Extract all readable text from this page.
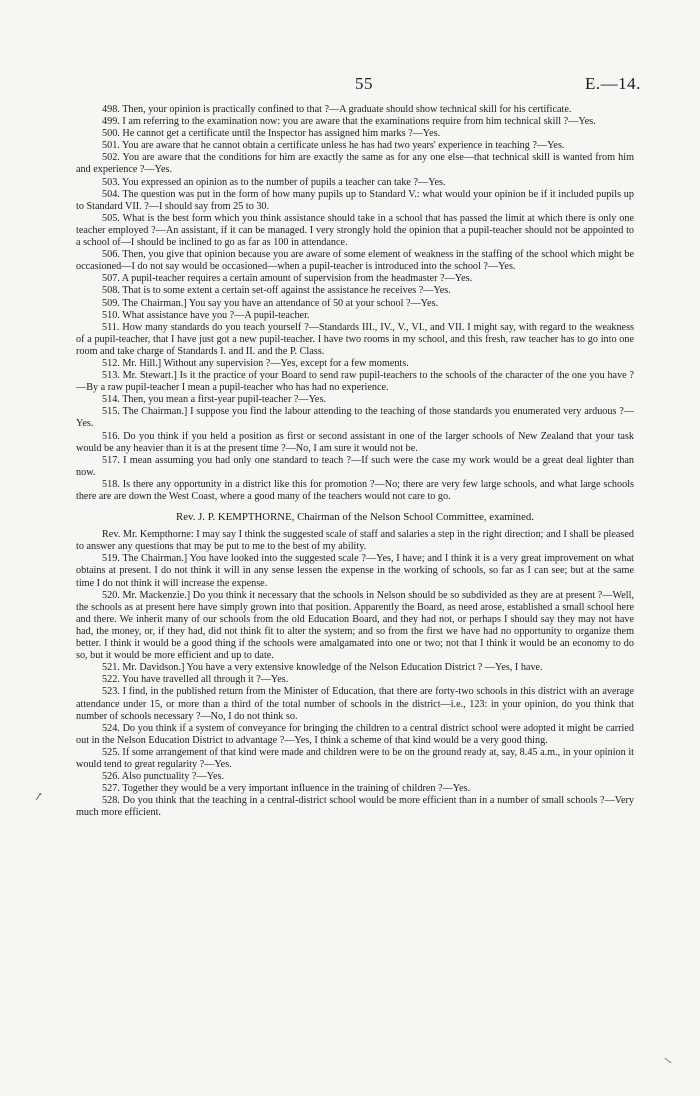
55	E.—14.
↗

498. Then, your opinion is practically confined to that ?—A graduate should show technical skill for his certificate.

499. I am referring to the examination now: you are aware that the examinations require from him technical skill ?—Yes.

500. He cannot get a certificate until the Inspector has assigned him marks ?—Yes.

501. You are aware that he cannot obtain a certificate unless he has had two years' experience in teaching ?—Yes.

502. You are aware that the conditions for him are exactly the same as for any one else—that technical skill is wanted from him and experience ?—Yes.

503. You expressed an opinion as to the number of pupils a teacher can take ?—Yes.

504. The question was put in the form of how many pupils up to Standard V.: what would your opinion be if it included pupils up to Standard VII. ?—I should say from 25 to 30.

505. What is the best form which you think assistance should take in a school that has passed the limit at which there is only one teacher employed ?—An assistant, if it can be managed. I very strongly hold the opinion that a pupil-teacher should not be appointed to a school of—I should be inclined to go as far as 100 in attendance.

506. Then, you give that opinion because you are aware of some element of weakness in the staffing of the school which might be occasioned—I do not say would be occasioned—when a pupil-teacher is introduced into the school ?—Yes.

507. A pupil-teacher requires a certain amount of supervision from the headmaster ?—Yes.

508. That is to some extent a certain set-off against the assistance he receives ?—Yes.

509. The Chairman.] You say you have an attendance of 50 at your school ?—Yes.

510. What assistance have you ?—A pupil-teacher.

511. How many standards do you teach yourself ?—Standards III., IV., V., VI., and VII. I might say, with regard to the weakness of a pupil-teacher, that I have just got a new pupil-teacher. I have two rooms in my school, and this fresh, raw teacher has to go into one room and take charge of Standards I. and II. and the P. Class.

512. Mr. Hill.] Without any supervision ?—Yes, except for a few moments.

513. Mr. Stewart.] Is it the practice of your Board to send raw pupil-teachers to the schools of the character of the one you have ?—By a raw pupil-teacher I mean a pupil-teacher who has had no experience.

514. Then, you mean a first-year pupil-teacher ?—Yes.

515. The Chairman.] I suppose you find the labour attending to the teaching of those standards you enumerated very arduous ?—Yes.

516. Do you think if you held a position as first or second assistant in one of the larger schools of New Zealand that your task would be any heavier than it is at the present time ?—No, I am sure it would not be.

517. I mean assuming you had only one standard to teach ?—If such were the case my work would be a great deal lighter than now.

518. Is there any opportunity in a district like this for promotion ?—No; there are very few large schools, and what large schools there are are down the West Coast, where a good many of the teachers would not care to go.

Rev. J. P. KEMPTHORNE, Chairman of the Nelson School Committee, examined.

Rev. Mr. Kempthorne: I may say I think the suggested scale of staff and salaries a step in the right direction; and I shall be pleased to answer any questions that may be put to me to the best of my ability.

519. The Chairman.] You have looked into the suggested scale ?—Yes, I have; and I think it is a very great improvement on what obtains at present. I do not think it will in any sense lessen the expense in the working of schools, so far as I can see; but at the same time I do not think it will increase the expense.

520. Mr. Mackenzie.] Do you think it necessary that the schools in Nelson should be so subdivided as they are at present ?—Well, the schools as at present here have simply grown into that position. Apparently the Board, as need arose, established a small school here and there. We inherit many of our schools from the old Education Board, and they had not, or perhaps I should say they may not have had, the money, or, if they had, did not think fit to alter the system; and so from the first we have had no opportunity to organize them better. I think it would be a good thing if the schools were amalgamated into one or two; not that I think it would be an economy to do so, but it would be more efficient and up to date.

521. Mr. Davidson.] You have a very extensive knowledge of the Nelson Education District ? —Yes, I have.

522. You have travelled all through it ?—Yes.

523. I find, in the published return from the Minister of Education, that there are forty-two schools in this district with an average attendance under 15, or more than a third of the total number of schools in the district—i.e., 123: in your opinion, do you think that number of schools necessary ?—No, I do not think so.

524. Do you think if a system of conveyance for bringing the children to a central district school were adopted it might be carried out in the Nelson Education District to advantage ?—Yes, I think a scheme of that kind would be a very good thing.

525. If some arrangement of that kind were made and children were to be on the ground ready at, say, 8.45 a.m., in your opinion it would tend to great regularity ?—Yes.

526. Also punctuality ?—Yes.

527. Together they would be a very important influence in the training of children ?—Yes.

528. Do you think that the teaching in a central-district school would be more efficient than in a number of small schools ?—Very much more efficient.
